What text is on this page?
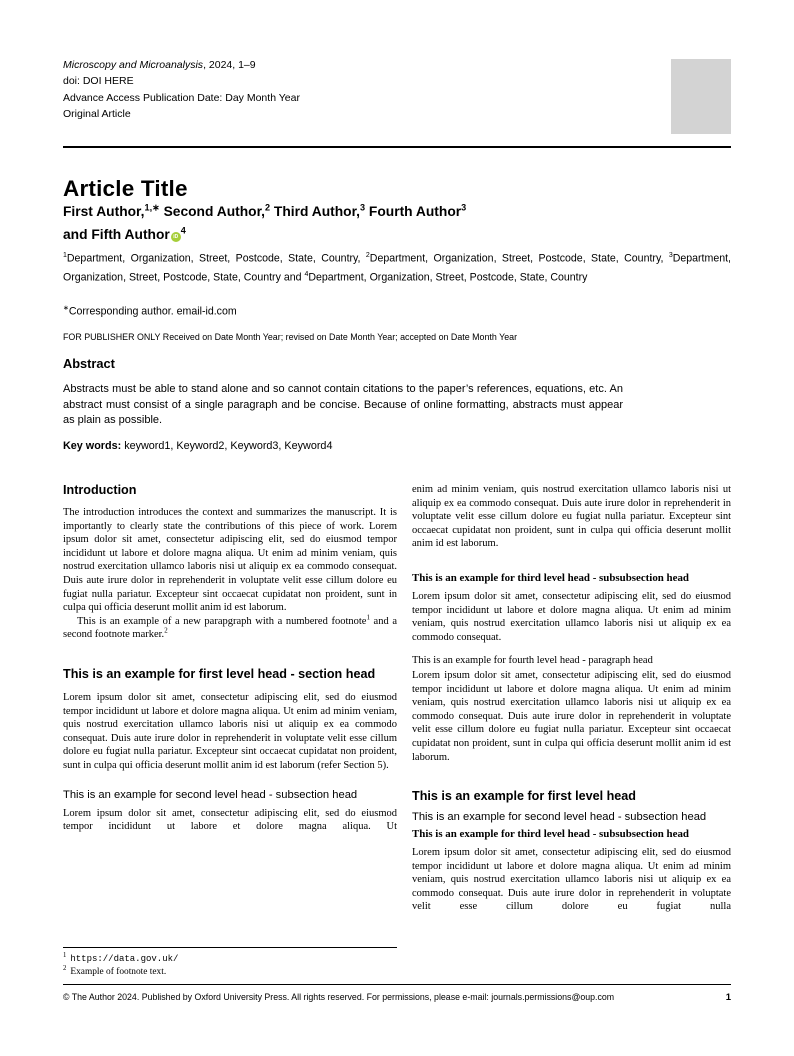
Microscopy and Microanalysis, 2024, 1–9
doi: DOI HERE
Advance Access Publication Date: Day Month Year
Original Article
Article Title
First Author,$^{1,∗}$ Second Author,$^2$ Third Author,$^3$ Fourth Author$^3$
and Fifth Author $iD^4$
$^1$Department, Organization, Street, Postcode, State, Country, $^2$Department, Organization, Street, Postcode, State, Country, $^3$Department, Organization, Street, Postcode, State, Country and $^4$Department, Organization, Street, Postcode, State, Country
∗Corresponding author. email-id.com
FOR PUBLISHER ONLY Received on Date Month Year; revised on Date Month Year; accepted on Date Month Year
Abstract
Abstracts must be able to stand alone and so cannot contain citations to the paper’s references, equations, etc. An abstract must consist of a single paragraph and be concise. Because of online formatting, abstracts must appear as plain as possible.
Key words: keyword1, Keyword2, Keyword3, Keyword4
Introduction

The introduction introduces the context and summarizes the manuscript. It is importantly to clearly state the contributions of this piece of work. Lorem ipsum dolor sit amet, consectetur adipiscing elit, sed do eiusmod tempor incididunt ut labore et dolore magna aliqua. Ut enim ad minim veniam, quis nostrud exercitation ullamco laboris nisi ut aliquip ex ea commodo consequat. Duis aute irure dolor in reprehenderit in voluptate velit esse cillum dolore eu fugiat nulla pariatur. Excepteur sint occaecat cupidatat non proident, sunt in culpa qui officia deserunt mollit anim id est laborum.

This is an example of a new parapgraph with a numbered footnote$^1$ and a second footnote marker.$^2$

This is an example for first level head - section head

Lorem ipsum dolor sit amet, consectetur adipiscing elit, sed do eiusmod tempor incididunt ut labore et dolore magna aliqua. Ut enim ad minim veniam, quis nostrud exercitation ullamco laboris nisi ut aliquip ex ea commodo consequat. Duis aute irure dolor in reprehenderit in voluptate velit esse cillum dolore eu fugiat nulla pariatur. Excepteur sint occaecat cupidatat non proident, sunt in culpa qui officia deserunt mollit anim id est laborum (refer Section 5).

This is an example for second level head - subsection head

Lorem ipsum dolor sit amet, consectetur adipiscing elit, sed do eiusmod tempor incididunt ut labore et dolore magna aliqua. Ut

$^1$ https://data.gov.uk/
$^2$ Example of footnote text.

enim ad minim veniam, quis nostrud exercitation ullamco laboris nisi ut aliquip ex ea commodo consequat. Duis aute irure dolor in reprehenderit in voluptate velit esse cillum dolore eu fugiat nulla pariatur. Excepteur sint occaecat cupidatat non proident, sunt in culpa qui officia deserunt mollit anim id est laborum.

This is an example for third level head - subsubsection head

Lorem ipsum dolor sit amet, consectetur adipiscing elit, sed do eiusmod tempor incididunt ut labore et dolore magna aliqua. Ut enim ad minim veniam, quis nostrud exercitation ullamco laboris nisi ut aliquip ex ea commodo consequat.

This is an example for fourth level head - paragraph head

Lorem ipsum dolor sit amet, consectetur adipiscing elit, sed do eiusmod tempor incididunt ut labore et dolore magna aliqua. Ut enim ad minim veniam, quis nostrud exercitation ullamco laboris nisi ut aliquip ex ea commodo consequat. Duis aute irure dolor in reprehenderit in voluptate velit esse cillum dolore eu fugiat nulla pariatur. Excepteur sint occaecat cupidatat non proident, sunt in culpa qui officia deserunt mollit anim id est laborum.

This is an example for first level head
This is an example for second level head - subsection head
This is an example for third level head - subsubsection head

Lorem ipsum dolor sit amet, consectetur adipiscing elit, sed do eiusmod tempor incididunt ut labore et dolore magna aliqua. Ut enim ad minim veniam, quis nostrud exercitation ullamco laboris nisi ut aliquip ex ea commodo consequat. Duis aute irure dolor in reprehenderit in voluptate velit esse cillum dolore eu fugiat nulla

© The Author 2024. Published by Oxford University Press. All rights reserved. For permissions, please e-mail: journals.permissions@oup.com	1
